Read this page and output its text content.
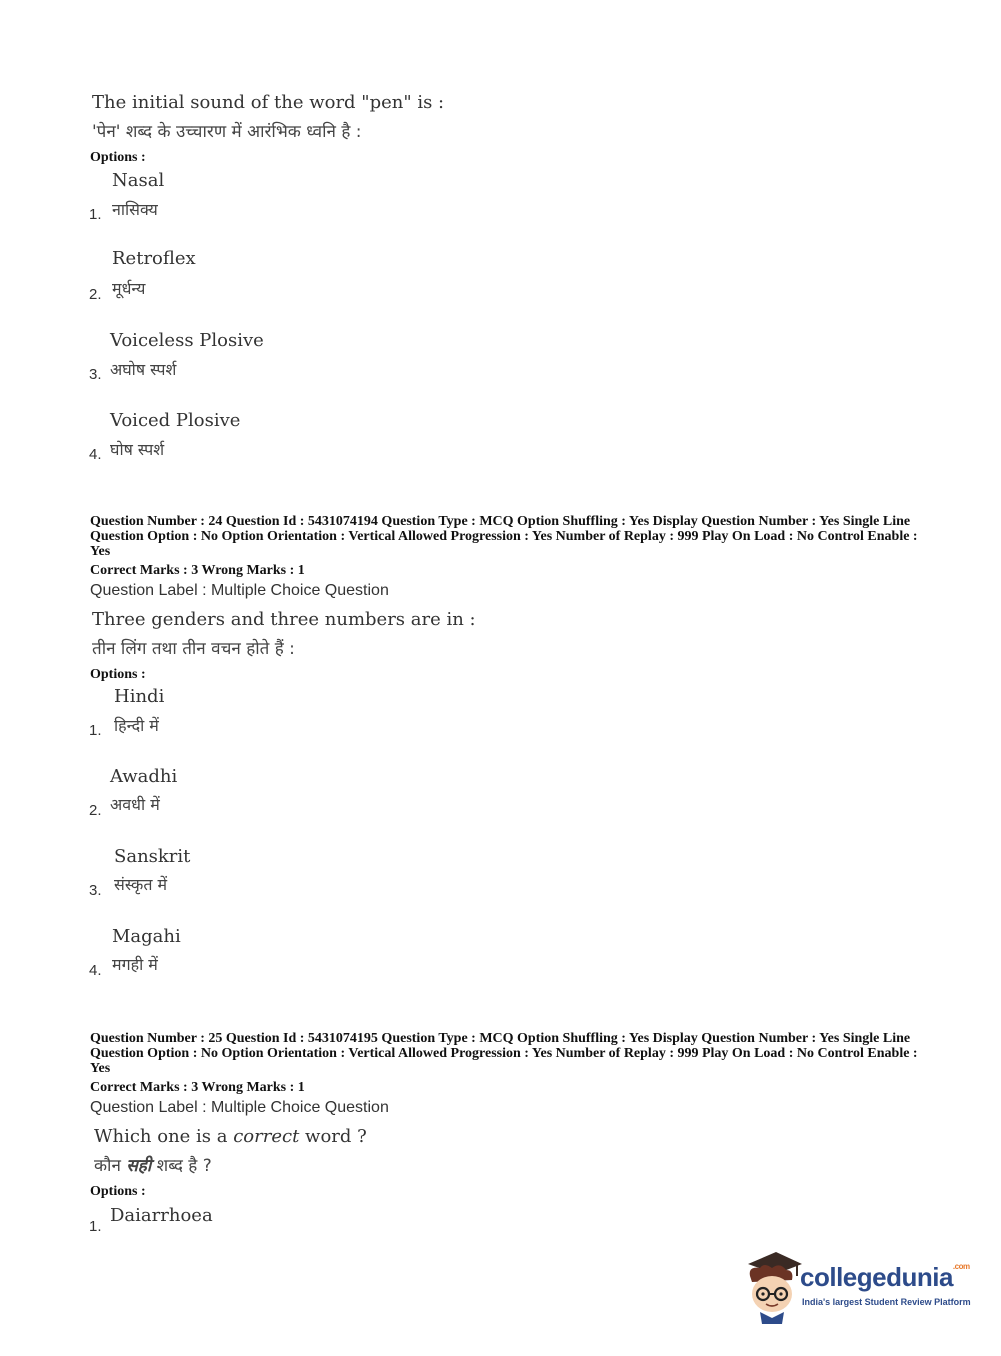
The initial sound of the word "pen" is :
'पेन' शब्द के उच्चारण में आरंभिक ध्वनि है :
Options :
Nasal
1. नासिक्य
Retroflex
2. मूर्धन्य
Voiceless Plosive
3. अघोष स्पर्श
Voiced Plosive
4. घोष स्पर्श
Question Number : 24 Question Id : 5431074194 Question Type : MCQ Option Shuffling : Yes Display Question Number : Yes Single Line Question Option : No Option Orientation : Vertical Allowed Progression : Yes Number of Replay : 999 Play On Load : No Control Enable : Yes
Correct Marks : 3 Wrong Marks : 1
Question Label : Multiple Choice Question
Three genders and three numbers are in :
तीन लिंग तथा तीन वचन होते हैं :
Options :
Hindi
1. हिन्दी में
Awadhi
2. अवधी में
Sanskrit
3. संस्कृत में
Magahi
4. मगही में
Question Number : 25 Question Id : 5431074195 Question Type : MCQ Option Shuffling : Yes Display Question Number : Yes Single Line Question Option : No Option Orientation : Vertical Allowed Progression : Yes Number of Replay : 999 Play On Load : No Control Enable : Yes
Correct Marks : 3 Wrong Marks : 1
Question Label : Multiple Choice Question
Which one is a correct word ?
कौन सही शब्द है ?
Options :
Daiarrhoea
1.
collegedunia$^{.com}$
India's largest Student Review Platform
